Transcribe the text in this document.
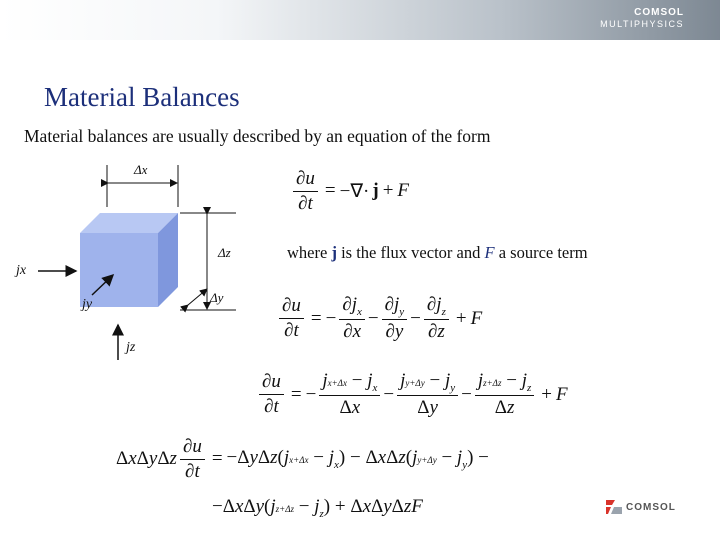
COMSOL
MULTIPHYSICS
Material Balances
Material balances are usually described by an equation of the form
Δx
Δz
Δy
jx
jy
jz
$\frac{\partial u}{\partial t}$ = −∇· j + F
where j is the flux vector and F a source term
$\frac{\partial u}{\partial t}$ = − $\frac{\partial j_x}{\partial x} - \frac{\partial j_y}{\partial y} - \frac{\partial j_z}{\partial z} + F$
$\frac{\partial u}{\partial t}$ = − $\frac{jx+\Delta x - j_x}{\Delta x} - \frac{jy+\Delta y - j_y}{\Delta y} - \frac{jz+\Delta z - j_z}{\Delta z} + F$
ΔxΔyΔz $\frac{\partial u}{\partial t} = -\Delta y\Delta z(jx+\Delta x - j_x) - \Delta x\Delta z(jy+\Delta y - j_y)$ −
$-\Delta x\Delta y(jz+\Delta z - j_z) + \Delta x\Delta y\Delta zF$	COMSOL
